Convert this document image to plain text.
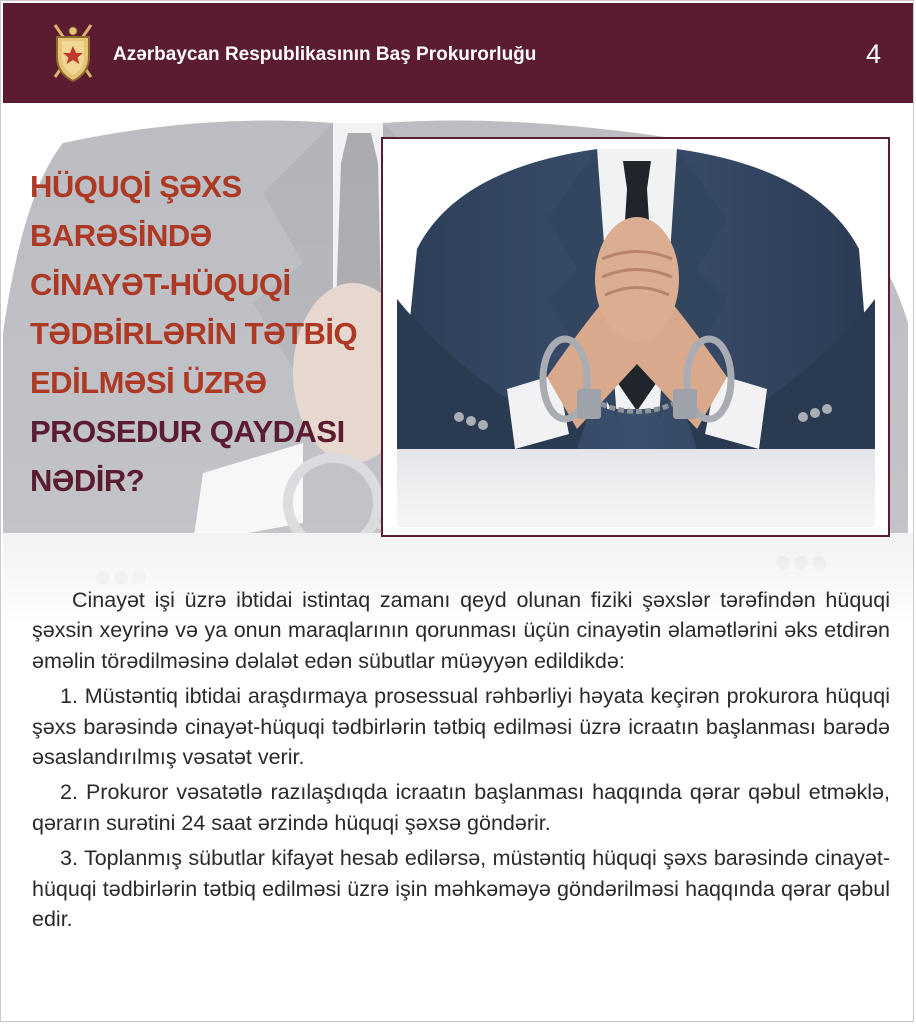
Azərbaycan Respublikasının Baş Prokurorluğu	4
HÜQUQİ ŞƏXS
BARƏSİNDƏ
CİNAYƏT-HÜQUQİ
TƏDBİRLƏRİN TƏTBİQ
EDİLMƏSİ ÜZRƏ
PROSEDUR QAYDASI
NƏDİR?

Cinayət işi üzrə ibtidai istintaq zamanı qeyd olunan fiziki şəxslər tərəfindən hüquqi şəxsin xeyrinə və ya onun maraqlarının qorunması üçün cinayətin əlamətlərini əks etdirən əməlin törədilməsinə dəlalət edən sübutlar müəyyən edildikdə:

1. Müstəntiq ibtidai araşdırmaya prosessual rəhbərliyi həyata keçirən prokurora hüquqi şəxs barəsində cinayət-hüquqi tədbirlərin tətbiq edilməsi üzrə icraatın başlanması barədə əsaslandırılmış vəsatət verir.

2. Prokuror vəsatətlə razılaşdıqda icraatın başlanması haqqında qərar qəbul etməklə, qərarın surətini 24 saat ərzində hüquqi şəxsə göndərir.

3. Toplanmış sübutlar kifayət hesab edilərsə, müstəntiq hüquqi şəxs barəsində cinayət-hüquqi tədbirlərin tətbiq edilməsi üzrə işin məhkəməyə göndərilməsi haqqında qərar qəbul edir.
